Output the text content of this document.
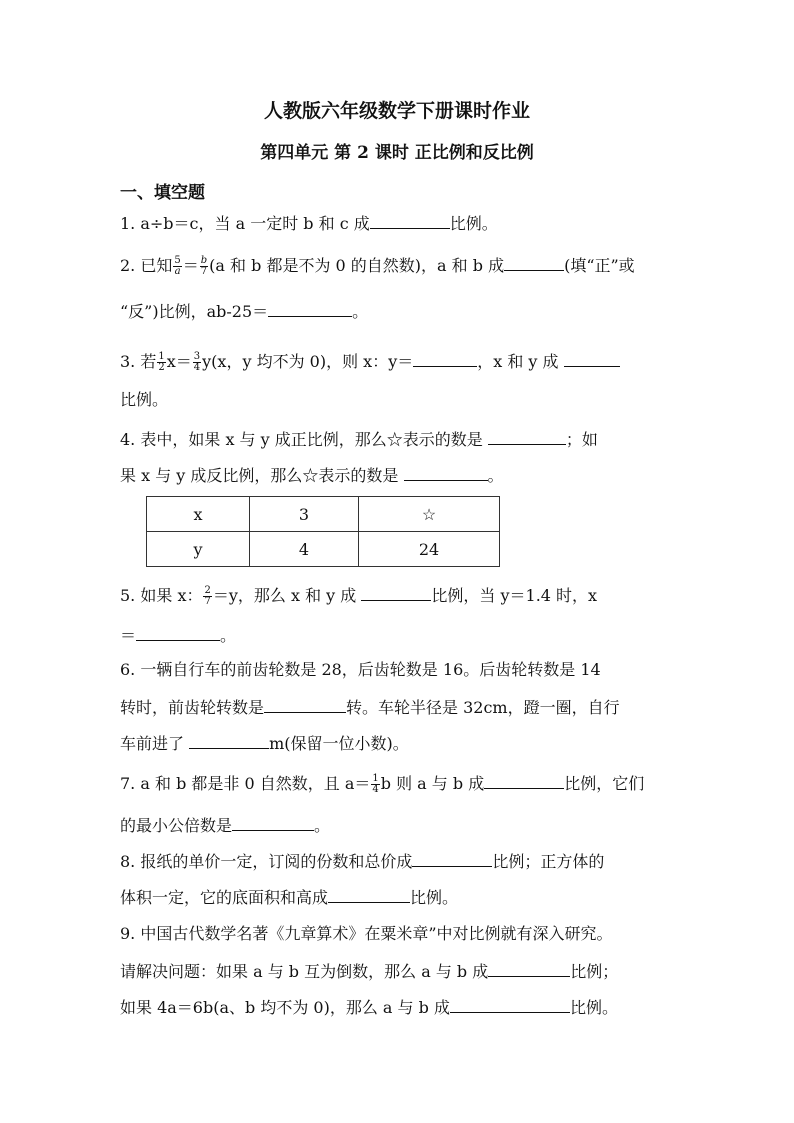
人教版六年级数学下册课时作业
第四单元 第 2 课时 正比例和反比例
一、填空题
1. a÷b＝c，当 a 一定时 b 和 c 成	比例。
2. 已知 $\frac{5}{a} = \frac{b}{7} (a$ 和 b 都是不为 0 的自然数)，a 和 b 成	(填“正”或
“反”)比例，ab-25＝	。
3. 若 $\frac{1}{2} x= \frac{3}{4} y(x$，y 均不为 0)，则 x：y＝	，x 和 y 成
比例。
4. 表中，如果 x 与 y 成正比例，那么☆表示的数是	；如
果 x 与 y 成反比例，那么☆表示的数是	。
x	3	☆
y	4	24
5. 如果 x： $\frac{2}{7} =y$，那么 x 和 y 成	比例，当 y＝1.4 时，x
＝	。
6. 一辆自行车的前齿轮数是 28，后齿轮数是 16。后齿轮转数是 14
转时，前齿轮转数是	转。车轮半径是 32cm，蹬一圈，自行
车前进了	m(保留一位小数)。
7. a 和 b 都是非 0 自然数，且 $a= \frac{1}{4}$ b 则 a 与 b 成	比例，它们
的最小公倍数是	。
8. 报纸的单价一定，订阅的份数和总价成	比例；正方体的
体积一定，它的底面积和高成	比例。
9. 中国古代数学名著《九章算术》在粟米章”中对比例就有深入研究。
请解决问题：如果 a 与 b 互为倒数，那么 a 与 b 成	比例；
如果 4a＝6b(a、b 均不为 0)，那么 a 与 b 成	比例。
